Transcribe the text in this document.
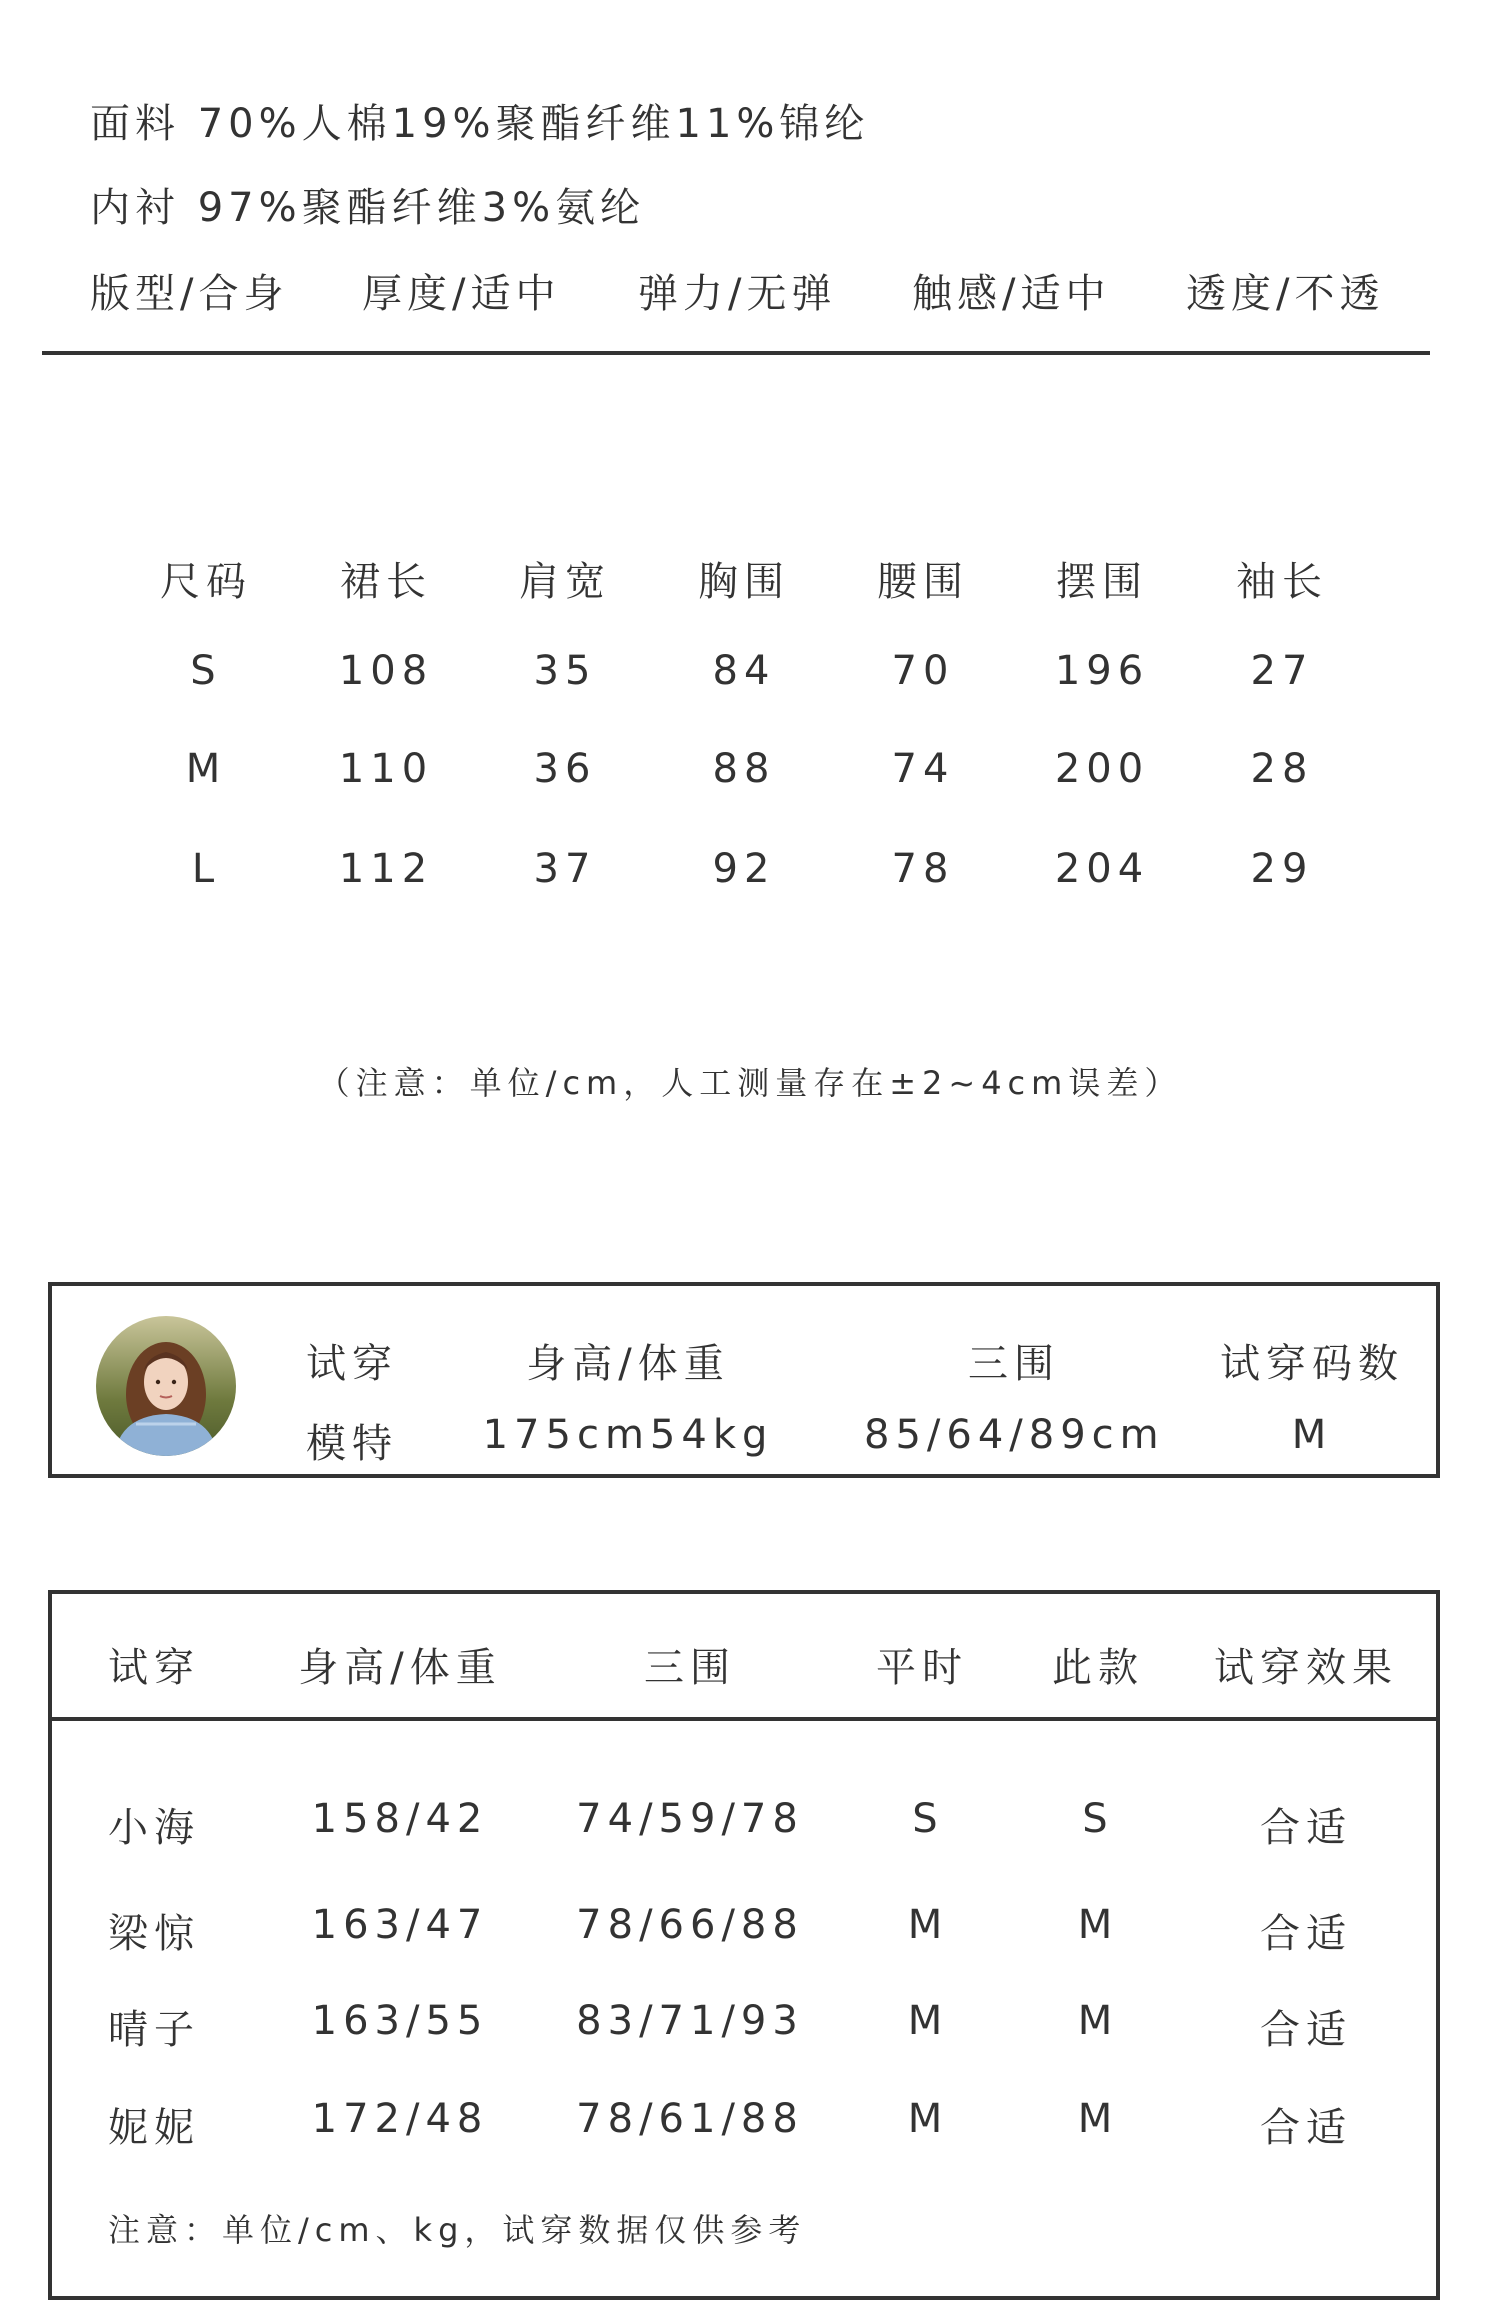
面料 70%人棉19%聚酯纤维11%锦纶
内衬 97%聚酯纤维3%氨纶
版型/合身 厚度/适中 弹力/无弹 触感/适中 透度/不透
尺码	裙长	肩宽	胸围	腰围	摆围	袖长
S	108	35	84	70	196	27
M	110	36	88	74	200	28
L	112	37	92	78	204	29
（注意：单位/cm，人工测量存在±2~4cm误差）
试穿
模特
身高/体重	三围	试穿码数
175cm54kg 85/64/89cm	M
试穿	身高/体重	三围	平时	此款	试穿效果
小海	158/42	74/59/78	S	S	合适
梁惊	163/47	78/66/88	M	M	合适
晴子	163/55	83/71/93	M	M	合适
妮妮	172/48	78/61/88	M	M	合适
注意：单位/cm、kg，试穿数据仅供参考
